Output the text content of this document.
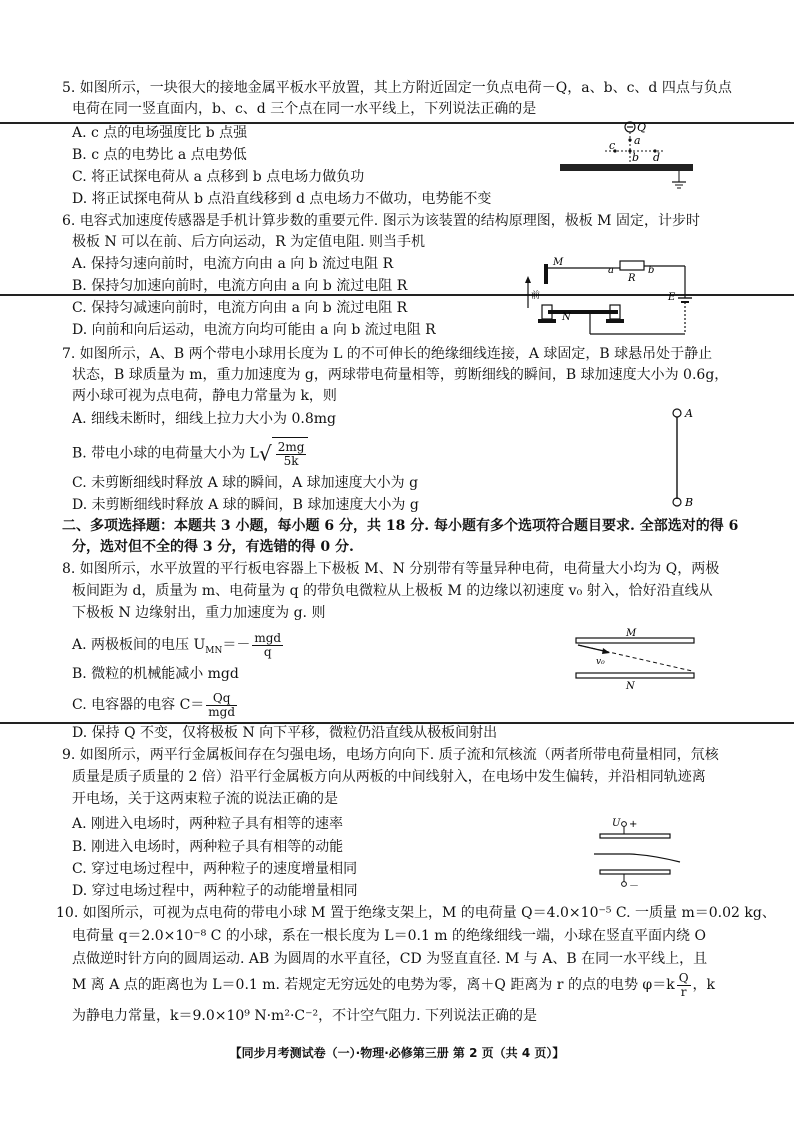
5. 如图所示，一块很大的接地金属平板水平放置，其上方附近固定一负点电荷－Q，a、b、c、d 四点与负点
电荷在同一竖直面内，b、c、d 三个点在同一水平线上，下列说法正确的是
A. c 点的电场强度比 b 点强
B. c 点的电势比 a 点电势低
C. 将正试探电荷从 a 点移到 b 点电场力做负功
D. 将正试探电荷从 b 点沿直线移到 d 点电场力不做功，电势能不变
Q
a
c
b d
6. 电容式加速度传感器是手机计算步数的重要元件. 图示为该装置的结构原理图，极板 M 固定，计步时
极板 N 可以在前、后方向运动，R 为定值电阻. 则当手机
A. 保持匀速向前时，电流方向由 a 向 b 流过电阻 R
B. 保持匀加速向前时，电流方向由 a 向 b 流过电阻 R
C. 保持匀减速向前时，电流方向由 a 向 b 流过电阻 R
D. 向前和向后运动，电流方向均可能由 a 向 b 流过电阻 R
M
a
R
b
E
前
N
7. 如图所示，A、B 两个带电小球用长度为 L 的不可伸长的绝缘细线连接，A 球固定，B 球悬吊处于静止
状态，B 球质量为 m，重力加速度为 g，两球带电荷量相等，剪断细线的瞬间，B 球加速度大小为 0.6g，
两小球可视为点电荷，静电力常量为 k，则
A. 细线未断时，细线上拉力大小为 0.8mg
B. 带电小球的电荷量大小为 $L√ \frac{2mg}{5k}$
C. 未剪断细线时释放 A 球的瞬间，A 球加速度大小为 g
D. 未剪断细线时释放 A 球的瞬间，B 球加速度大小为 g
A
B
二、多项选择题：本题共 3 小题，每小题 6 分，共 18 分. 每小题有多个选项符合题目要求. 全部选对的得 6
分，选对但不全的得 3 分，有选错的得 0 分.
8. 如图所示，水平放置的平行板电容器上下极板 M、N 分别带有等量异种电荷，电荷量大小均为 Q，两极
板间距为 d，质量为 m、电荷量为 q 的带负电微粒从上极板 M 的边缘以初速度 v₀ 射入，恰好沿直线从
下极板 N 边缘射出，重力加速度为 g. 则
A. 两极板间的电压 $U_{MN}=- \frac{\text{mgd}}{q}$
B. 微粒的机械能减小 mgd
C. 电容器的电容 $C= \frac{Qq}{\text{mgd}}$
D. 保持 Q 不变，仅将极板 N 向下平移，微粒仍沿直线从极板间射出
M
v₀
N
9. 如图所示，两平行金属板间存在匀强电场，电场方向向下. 质子流和氘核流（两者所带电荷量相同，氘核
质量是质子质量的 2 倍）沿平行金属板方向从两板的中间线射入，在电场中发生偏转，并沿相同轨迹离
开电场，关于这两束粒子流的说法正确的是
A. 刚进入电场时，两种粒子具有相等的速率
B. 刚进入电场时，两种粒子具有相等的动能
C. 穿过电场过程中，两种粒子的速度增量相同
D. 穿过电场过程中，两种粒子的动能增量相同
U +
－
10. 如图所示，可视为点电荷的带电小球 M 置于绝缘支架上，M 的电荷量 Q＝4.0×10⁻⁵ C. 一质量 m＝0.02 kg、
电荷量 q＝2.0×10⁻⁸ C 的小球，系在一根长度为 L＝0.1 m 的绝缘细线一端，小球在竖直平面内绕 O
点做逆时针方向的圆周运动. AB 为圆周的水平直径，CD 为竖直直径. M 与 A、B 在同一水平线上，且
M 离 A 点的距离也为 L＝0.1 m. 若规定无穷远处的电势为零，离＋Q 距离为 r 的点的电势 $\varphi=k \frac{Q}{r}$ ，k
为静电力常量，k＝9.0×10⁹ N·m²·C⁻²，不计空气阻力. 下列说法正确的是
【同步月考测试卷（一）·物理·必修第三册 第 2 页（共 4 页）】
